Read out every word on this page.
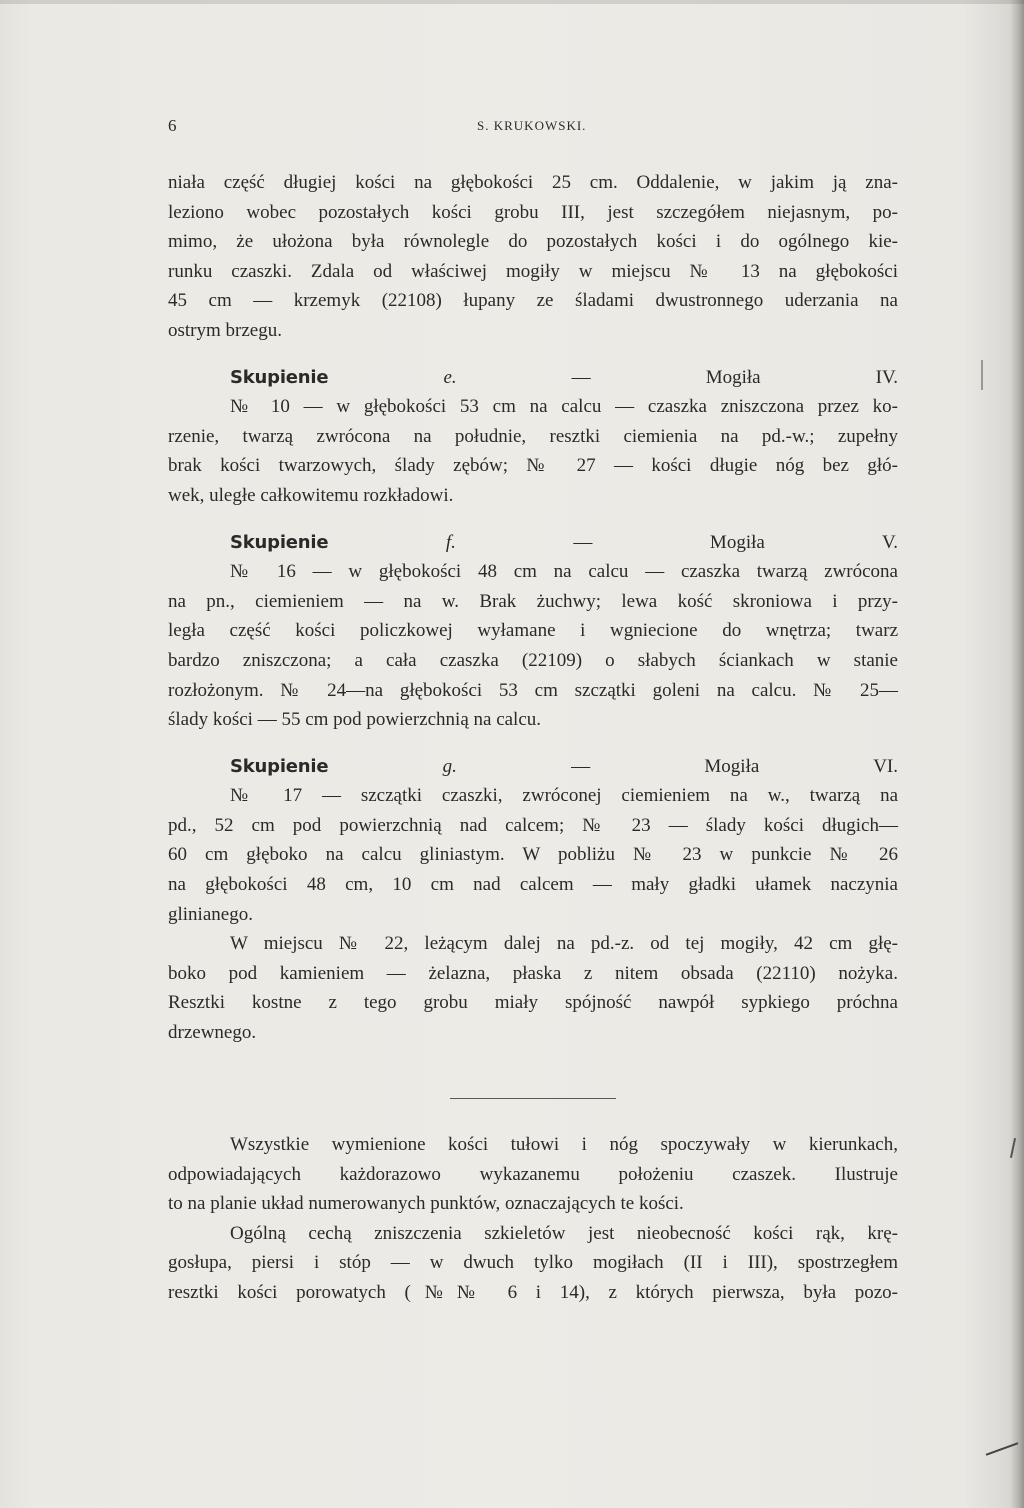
6	S. KRUKOWSKI.

niała część długiej kości na głębokości 25 cm. Oddalenie, w jakim ją zna-

leziono wobec pozostałych kości grobu III, jest szczegółem niejasnym, po-

mimo, że ułożona była równolegle do pozostałych kości i do ogólnego kie-

runku czaszki. Zdala od właściwej mogiły w miejscu № 13 na głębokości

45 cm — krzemyk (22108) łupany ze śladami dwustronnego uderzania na

ostrym brzegu.

Skupienie	e. — Mogiła IV.

№ 10 — w głębokości 53 cm na calcu — czaszka zniszczona przez ko-

rzenie, twarzą zwrócona na południe, resztki ciemienia na pd.-w.; zupełny

brak kości twarzowych, ślady zębów; № 27 — kości długie nóg bez głó-

wek, uległe całkowitemu rozkładowi.

Skupienie	f. — Mogiła V.

№ 16 — w głębokości 48 cm na calcu — czaszka twarzą zwrócona

na pn., ciemieniem — na w. Brak żuchwy; lewa kość skroniowa i przy-

legła część kości policzkowej wyłamane i wgniecione do wnętrza; twarz

bardzo zniszczona; a cała czaszka (22109) o słabych ściankach w stanie

rozłożonym. № 24—na głębokości 53 cm szczątki goleni na calcu. № 25—

ślady kości — 55 cm pod powierzchnią na calcu.

Skupienie	g. — Mogiła VI.

№ 17 — szczątki czaszki, zwróconej ciemieniem na w., twarzą na

pd., 52 cm pod powierzchnią nad calcem; № 23 — ślady kości długich—

60 cm głęboko na calcu gliniastym. W pobliżu № 23 w punkcie № 26

na głębokości 48 cm, 10 cm nad calcem — mały gładki ułamek naczynia

glinianego.

W miejscu № 22, leżącym dalej na pd.-z. od tej mogiły, 42 cm głę-

boko pod kamieniem — żelazna, płaska z nitem obsada (22110) nożyka.

Resztki kostne z tego grobu miały spójność nawpół sypkiego próchna

drzewnego.

Wszystkie wymienione kości tułowi i nóg spoczywały w kierunkach,

odpowiadających każdorazowo wykazanemu położeniu czaszek. Ilustruje

to na planie układ numerowanych punktów, oznaczających te kości.

Ogólną cechą zniszczenia szkieletów jest nieobecność kości rąk, krę-

gosłupa, piersi i stóp — w dwuch tylko mogiłach (II i III), spostrzegłem

resztki kości porowatych (№№ 6 i 14), z których pierwsza, była pozo-
